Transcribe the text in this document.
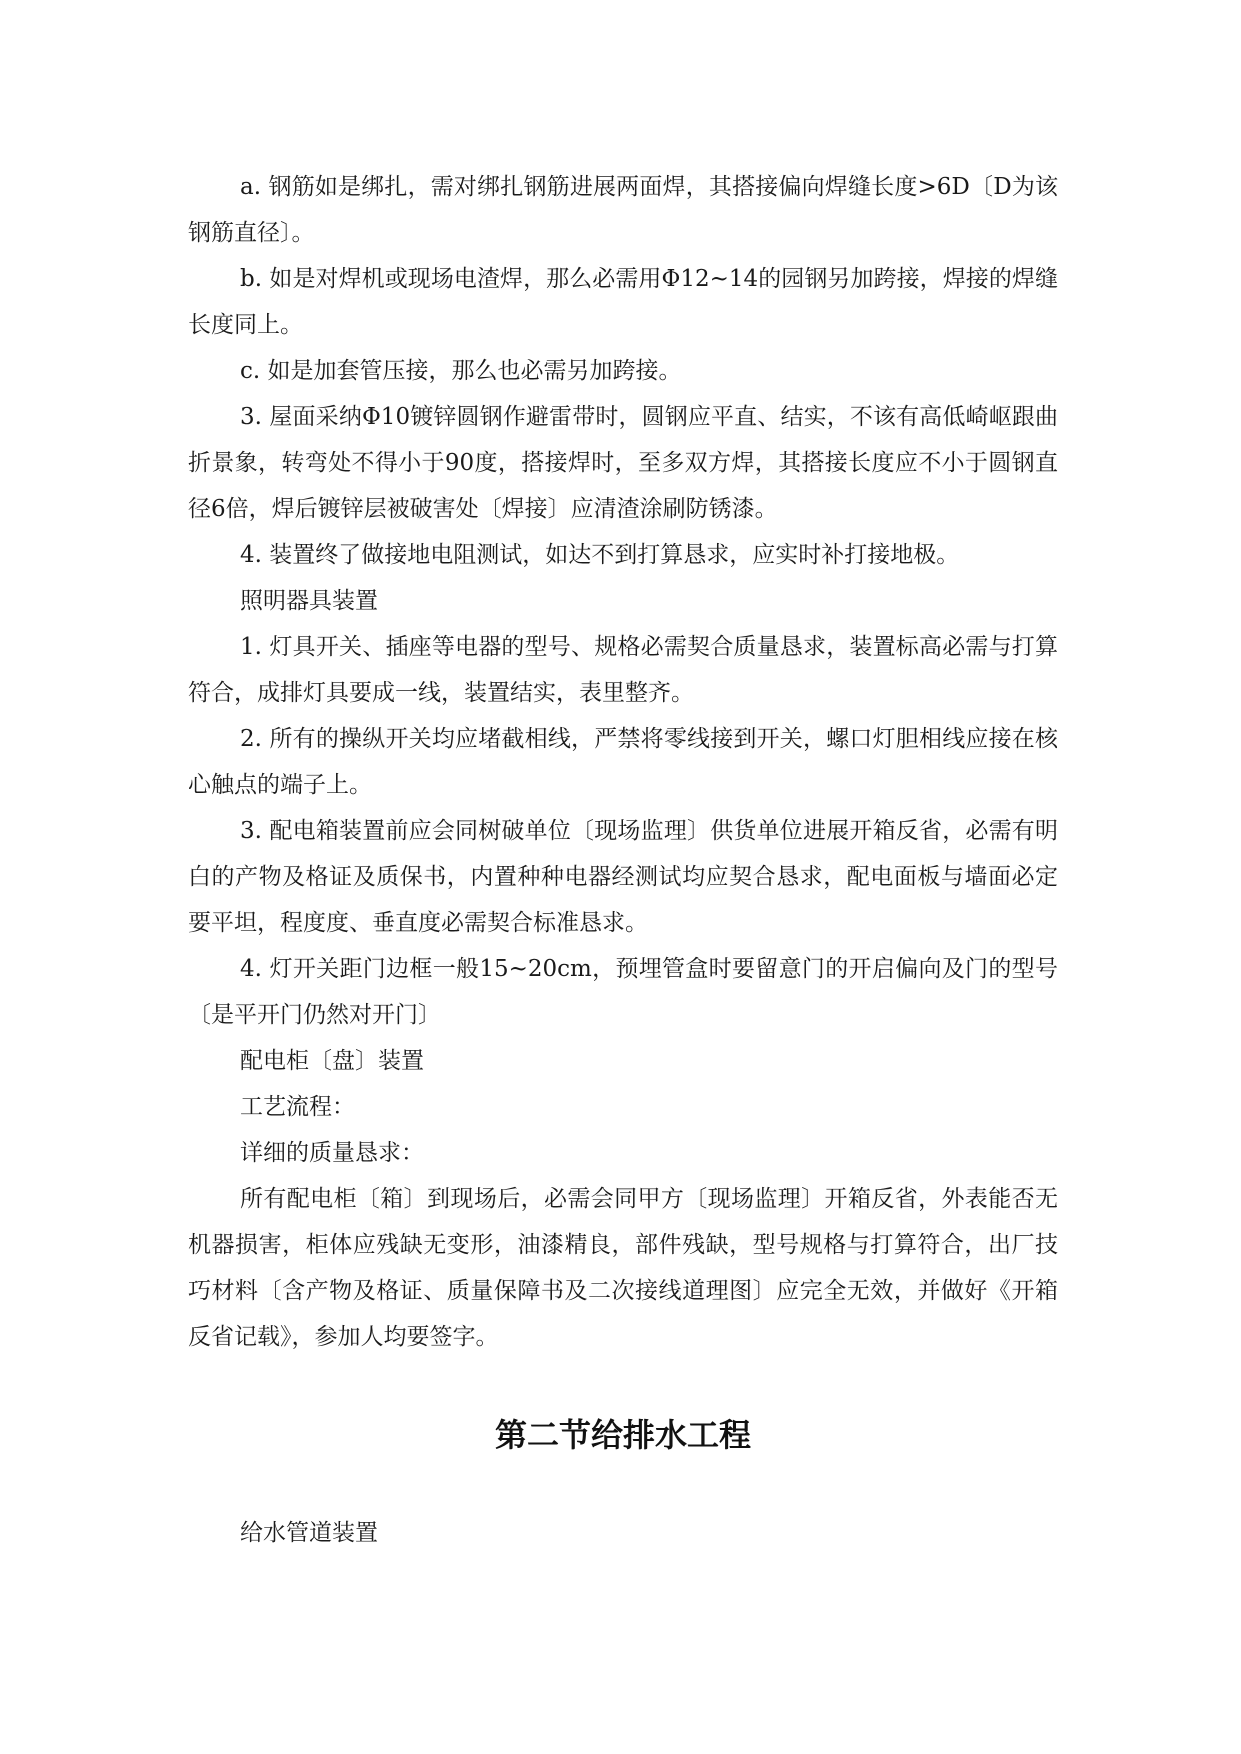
a. 钢筋如是绑扎，需对绑扎钢筋进展两面焊，其搭接偏向焊缝长度>6D〔D为该钢筋直径〕。

b. 如是对焊机或现场电渣焊，那么必需用Φ12~14的园钢另加跨接，焊接的焊缝长度同上。

c. 如是加套管压接，那么也必需另加跨接。

3. 屋面采纳Φ10镀锌圆钢作避雷带时，圆钢应平直、结实，不该有高低崎岖跟曲折景象，转弯处不得小于90度，搭接焊时，至多双方焊，其搭接长度应不小于圆钢直径6倍，焊后镀锌层被破害处〔焊接〕应清渣涂刷防锈漆。

4. 装置终了做接地电阻测试，如达不到打算恳求，应实时补打接地极。

照明器具装置

1. 灯具开关、插座等电器的型号、规格必需契合质量恳求，装置标高必需与打算符合，成排灯具要成一线，装置结实，表里整齐。

2. 所有的操纵开关均应堵截相线，严禁将零线接到开关，螺口灯胆相线应接在核心触点的端子上。

3. 配电箱装置前应会同树破单位〔现场监理〕供货单位进展开箱反省，必需有明白的产物及格证及质保书，内置种种电器经测试均应契合恳求，配电面板与墙面必定要平坦，程度度、垂直度必需契合标准恳求。

4. 灯开关距门边框一般15~20cm，预埋管盒时要留意门的开启偏向及门的型号〔是平开门仍然对开门〕

配电柜〔盘〕装置

工艺流程：

详细的质量恳求：

所有配电柜〔箱〕到现场后，必需会同甲方〔现场监理〕开箱反省，外表能否无机器损害，柜体应残缺无变形，油漆精良，部件残缺，型号规格与打算符合，出厂技巧材料〔含产物及格证、质量保障书及二次接线道理图〕应完全无效，并做好《开箱反省记载》，参加人均要签字。

第二节给排水工程

给水管道装置
